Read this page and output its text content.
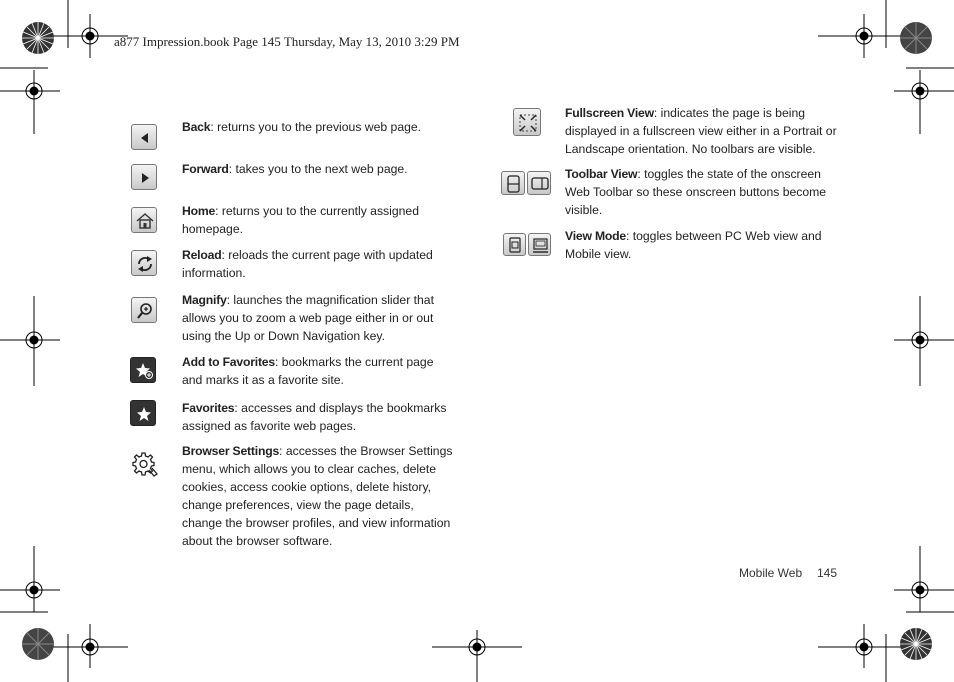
a877 Impression.book Page 145 Thursday, May 13, 2010 3:29 PM
Back: returns you to the previous web page.
Forward: takes you to the next web page.
Home: returns you to the currently assigned homepage.
Reload: reloads the current page with updated information.
Magnify: launches the magnification slider that allows you to zoom a web page either in or out using the Up or Down Navigation key.
Add to Favorites: bookmarks the current page and marks it as a favorite site.
Favorites: accesses and displays the bookmarks assigned as favorite web pages.
Browser Settings: accesses the Browser Settings menu, which allows you to clear caches, delete cookies, access cookie options, delete history, change preferences, view the page details, change the browser profiles, and view information about the browser software.
Fullscreen View: indicates the page is being displayed in a fullscreen view either in a Portrait or Landscape orientation. No toolbars are visible.
Toolbar View: toggles the state of the onscreen Web Toolbar so these onscreen buttons become visible.
View Mode: toggles between PC Web view and Mobile view.
Mobile Web 145
